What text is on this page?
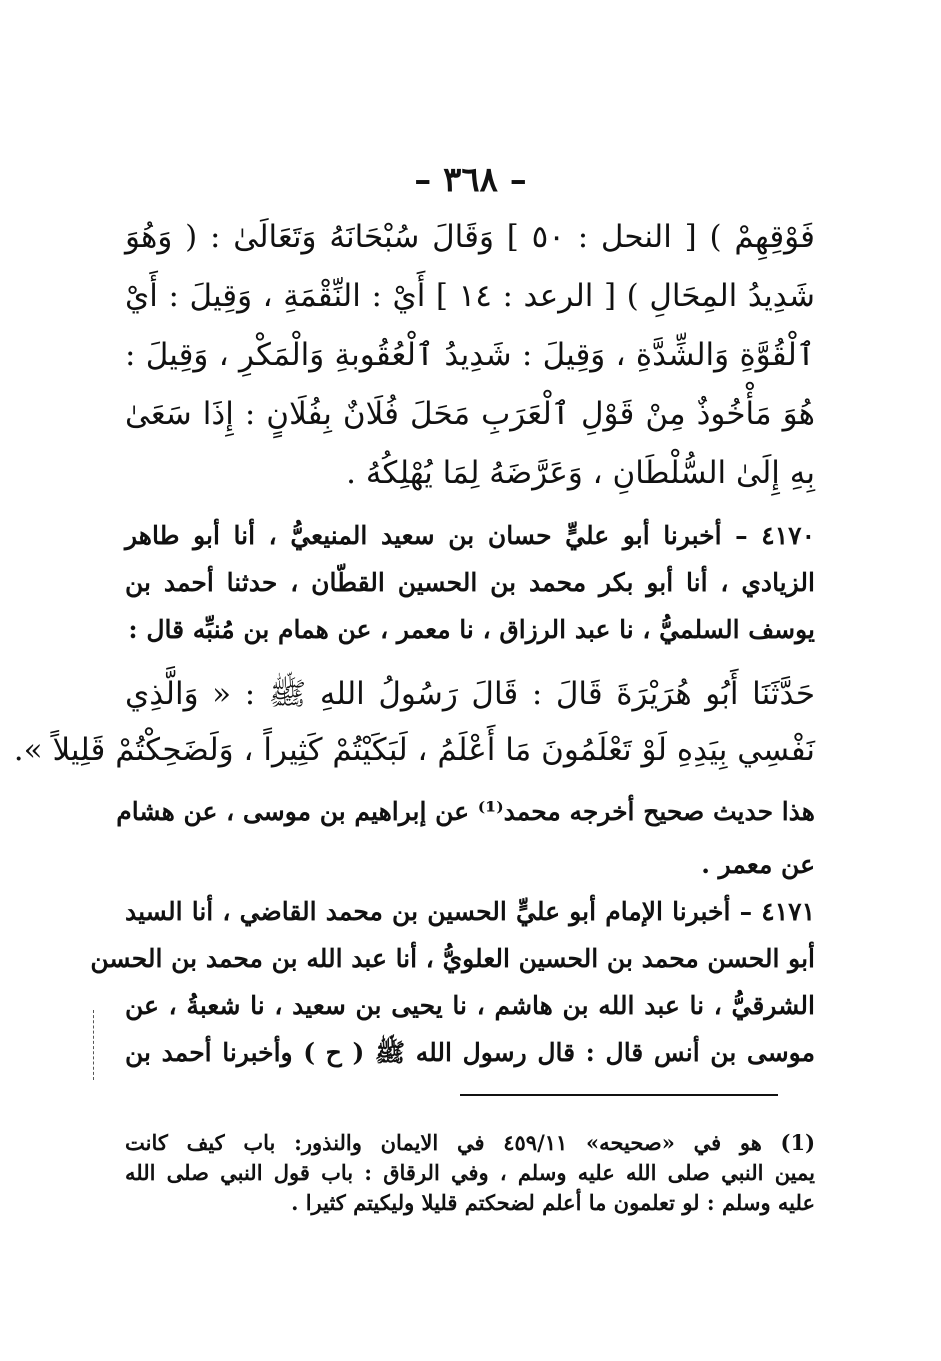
– ٣٦٨ –
فَوْقِهِمْ ) [ النحل : ٥٠ ] وَقَالَ سُبْحَانَهُ وَتَعَالَىٰ : ( وَهُوَ
شَدِيدُ المِحَالِ ) [ الرعد : ١٤ ] أَيْ : النِّقْمَةِ ، وَقِيلَ : أَيْ
ٱلْقُوَّةِ وَالشِّدَّةِ ، وَقِيلَ : شَدِيدُ ٱلْعُقُوبةِ وَالْمَكْرِ ، وَقِيلَ :
هُوَ مَأْخُوذٌ مِنْ قَوْلِ ٱلْعَرَبِ مَحَلَ فُلَانٌ بِفُلَانٍ : إِذَا سَعَىٰ
بِهِ إِلَىٰ السُّلْطَانِ ، وَعَرَّضَهُ لِمَا يُهْلِكُهُ .
٤١٧٠ – أخبرنا أبو عليٍّ حسان بن سعيد المنيعيُّ ، أنا أبو طاهر
الزيادي ، أنا أبو بكر محمد بن الحسين القطّان ، حدثنا أحمد بن
يوسف السلميُّ ، نا عبد الرزاق ، نا معمر ، عن همام بن مُنبِّه قال :
حَدَّثَنَا أَبُو هُرَيْرَةَ قَالَ : قَالَ رَسُولُ اللهِ ﷺ : « وَالَّذِي
نَفْسِي بِيَدِهِ لَوْ تَعْلَمُونَ مَا أَعْلَمُ ، لَبَكَيْتُمْ كَثِيراً ، وَلَضَحِكْتُمْ قَلِيلاً ».
هذا حديث صحيح أخرجه محمد⁽¹⁾ عن إبراهيم بن موسى ، عن هشام
عن معمر .
٤١٧١ – أخبرنا الإمام أبو عليٍّ الحسين بن محمد القاضي ، أنا السيد
أبو الحسن محمد بن الحسين العلويُّ ، أنا عبد الله بن محمد بن الحسن
الشرقيُّ ، نا عبد الله بن هاشم ، نا يحيى بن سعيد ، نا شعبةُ ، عن
موسى بن أنس قال : قال رسول الله ﷺ ( ح ) وأخبرنا أحمد بن
(1) هو في «صحيحه» ٤٥٩/١١ في الايمان والنذور: باب كيف كانت
يمين النبي صلى الله عليه وسلم ، وفي الرقاق : باب قول النبي صلى الله
عليه وسلم : لو تعلمون ما أعلم لضحكتم قليلا وليكيتم كثيرا .
